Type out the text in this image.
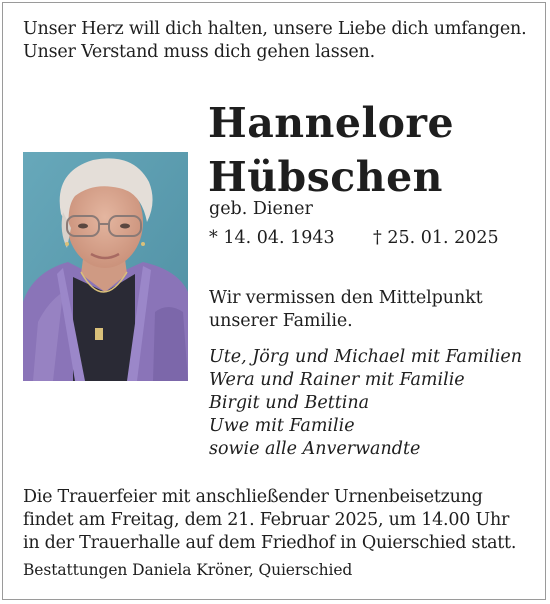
Unser Herz will dich halten, unsere Liebe dich umfangen.
Unser Verstand muss dich gehen lassen.
Hannelore
Hübschen
geb. Diener
* 14. 04. 1943 † 25. 01. 2025
Wir vermissen den Mittelpunkt
unserer Familie.
Ute, Jörg und Michael mit Familien
Wera und Rainer mit Familie
Birgit und Bettina
Uwe mit Familie
sowie alle Anverwandte
Die Trauerfeier mit anschließender Urnenbeisetzung
findet am Freitag, dem 21. Februar 2025, um 14.00 Uhr
in der Trauerhalle auf dem Friedhof in Quierschied statt.
Bestattungen Daniela Kröner, Quierschied
